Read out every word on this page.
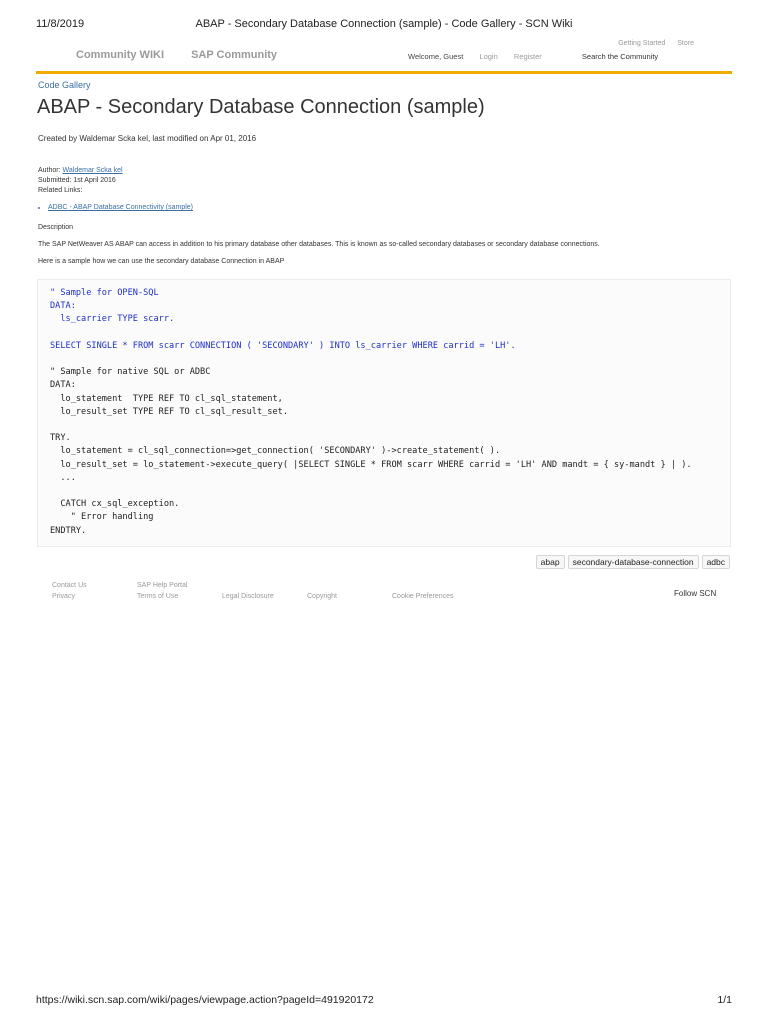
11/8/2019	ABAP - Secondary Database Connection (sample) - Code Gallery - SCN Wiki
Getting Started Store
Community WIKI SAP Community	Welcome, Guest Login Register	Search the Community
Code Gallery
ABAP - Secondary Database Connection (sample)
Created by Waldemar Scka kel, last modified on Apr 01, 2016
Author: Waldemar Scka kel
Submitted: 1st April 2016
Related Links:
• ADBC - ABAP Database Connectivity (sample)
Description
The SAP NetWeaver AS ABAP can access in addition to his primary database other databases. This is known as so-called secondary databases or secondary database connections.
Here is a sample how we can use the secondary database Connection in ABAP
" Sample for OPEN-SQL
DATA:
ls_carrier TYPE scarr.
SELECT SINGLE * FROM scarr CONNECTION ( 'SECONDARY' ) INTO ls_carrier WHERE carrid = 'LH'.
" Sample for native SQL or ADBC
DATA:
lo_statement  TYPE REF TO cl_sql_statement,
lo_result_set TYPE REF TO cl_sql_result_set.
TRY.
lo_statement = cl_sql_connection=>get_connection( 'SECONDARY' )->create_statement( ).
lo_result_set = lo_statement->execute_query( |SELECT SINGLE * FROM scarr WHERE carrid = 'LH' AND mandt = { sy-mandt } | ).
...
CATCH cx_sql_exception.
" Error handling
ENDTRY.
abap	secondary-database-connection	adbc
Contact Us	SAP Help Portal
Privacy	Terms of Use	Legal Disclosure	Copyright	Cookie Preferences	Follow SCN
https://wiki.scn.sap.com/wiki/pages/viewpage.action?pageId=491920172	1/1
